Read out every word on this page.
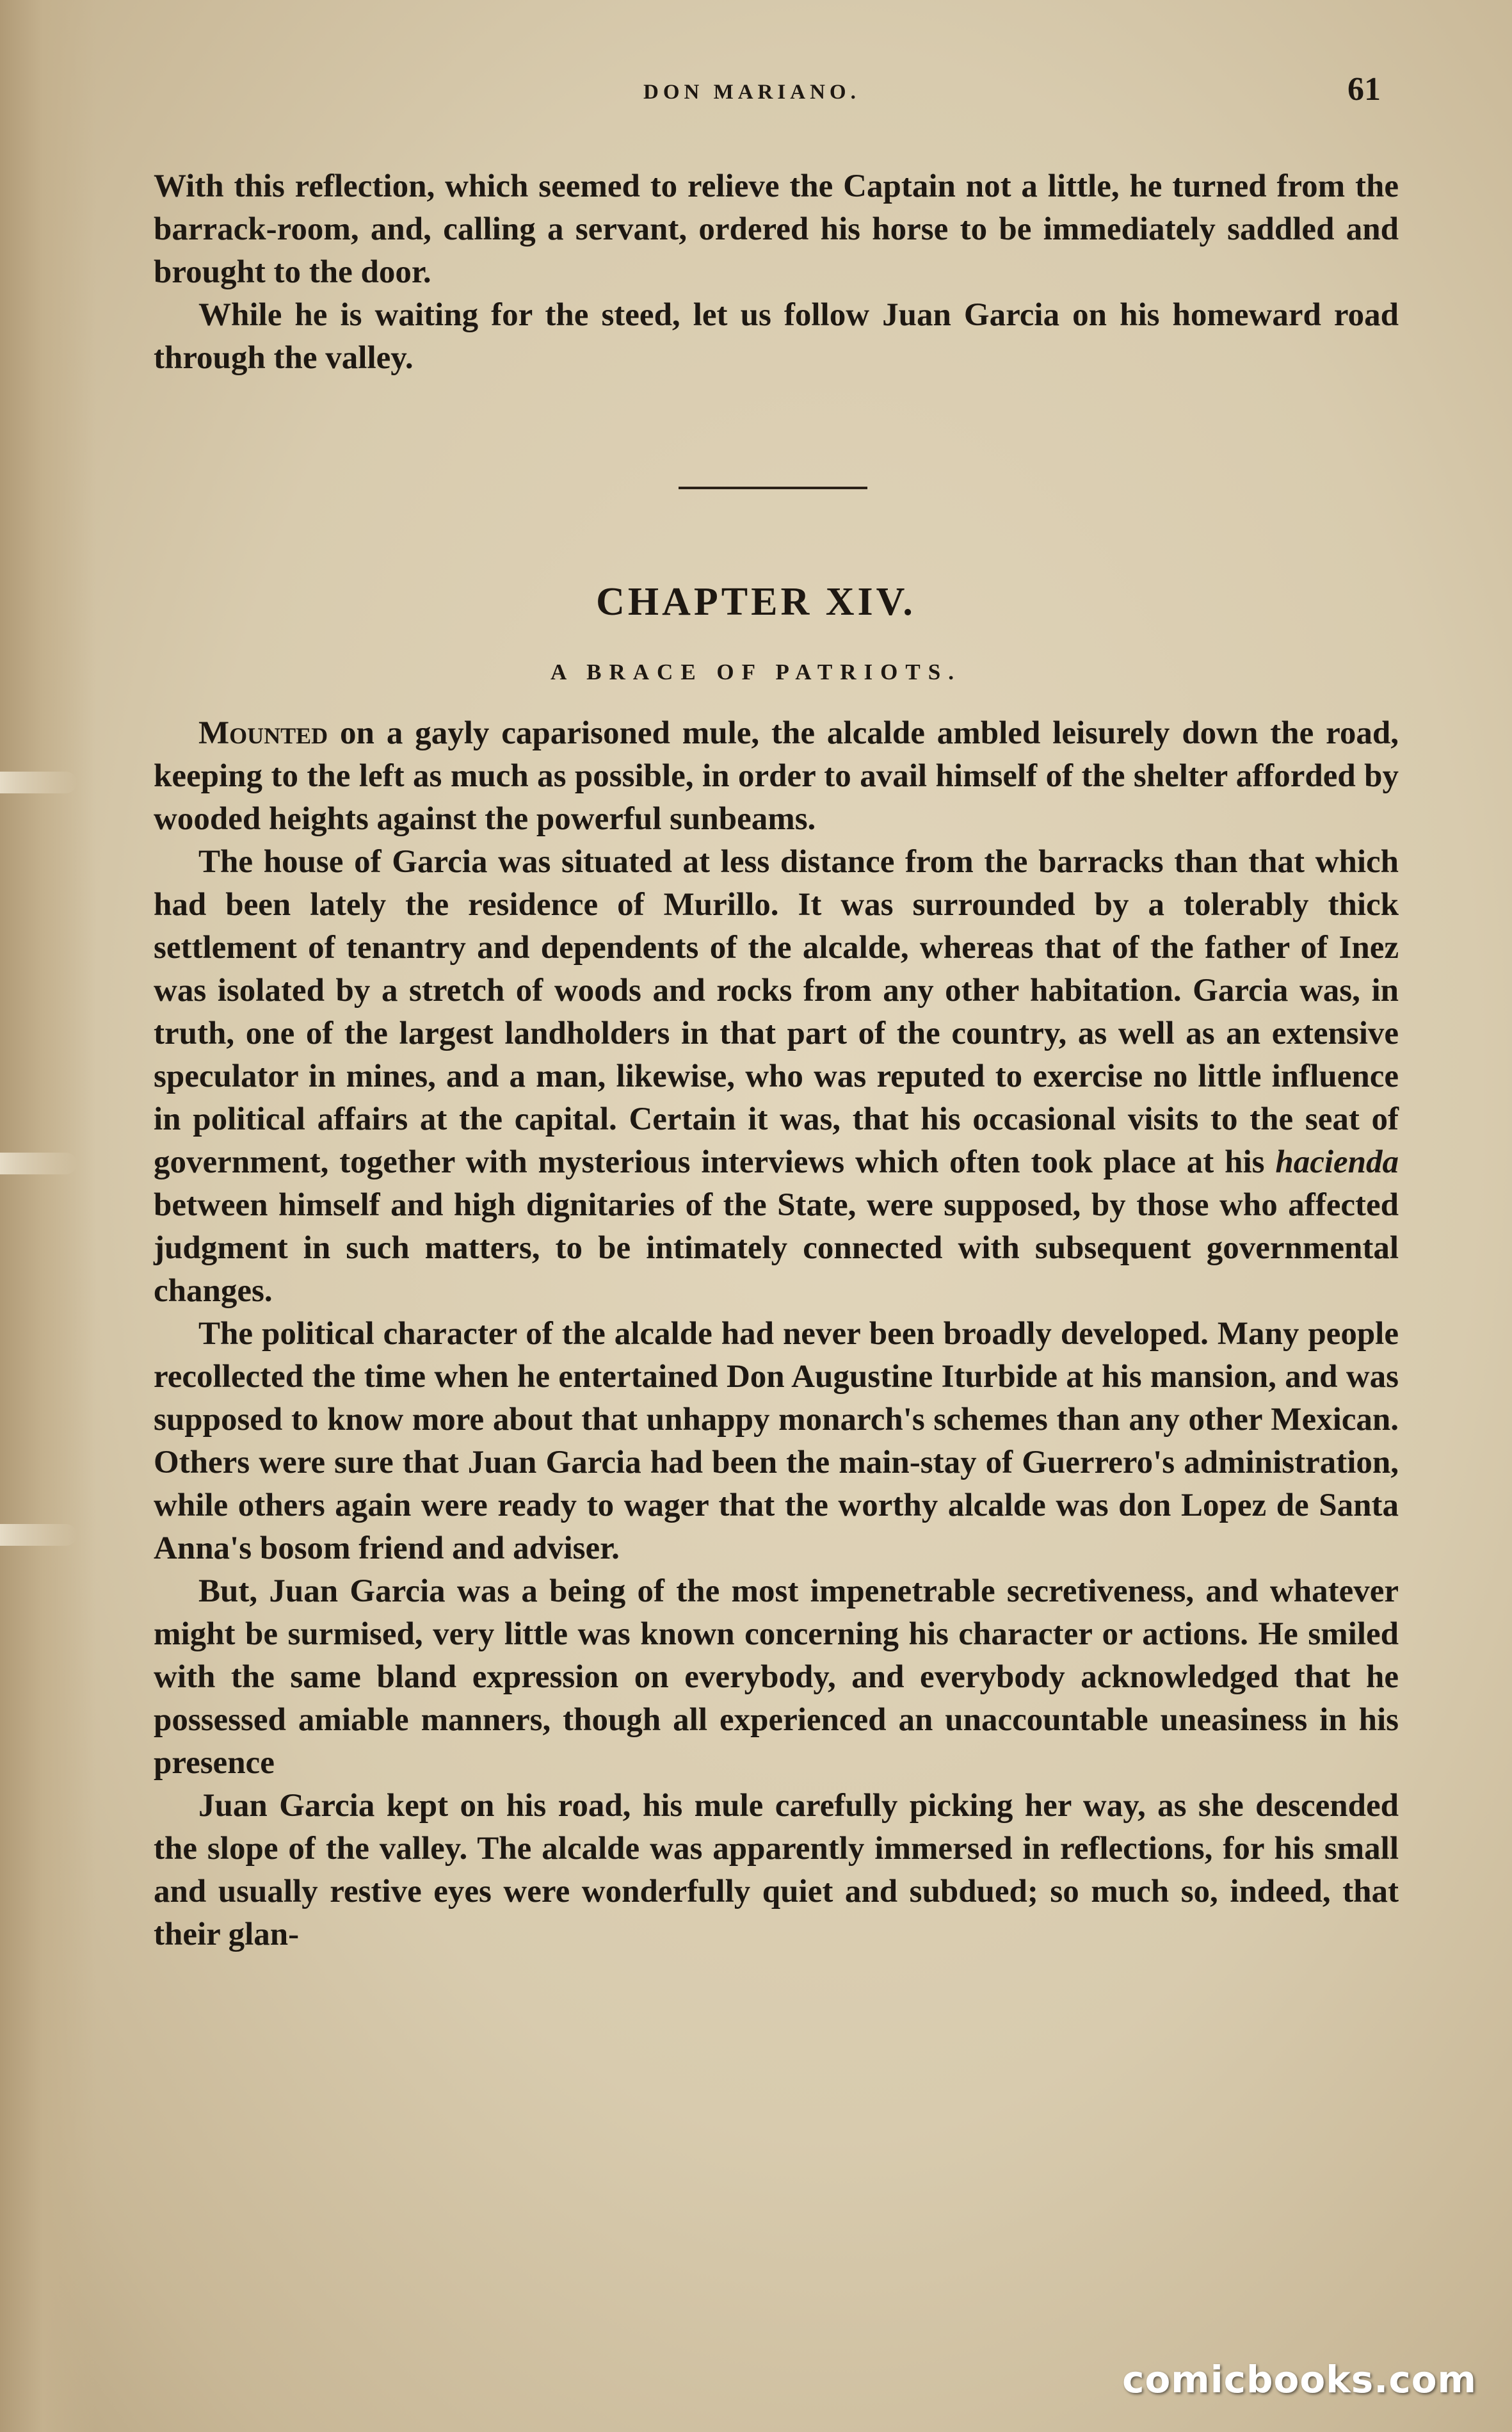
DON MARIANO.	61

With this reflection, which seemed to relieve the Captain not a little, he turned from the barrack-room, and, calling a servant, ordered his horse to be immediately saddled and brought to the door.

While he is waiting for the steed, let us follow Juan Garcia on his homeward road through the valley.

CHAPTER XIV.
A BRACE OF PATRIOTS.

Mounted on a gayly caparisoned mule, the alcalde ambled leisurely down the road, keeping to the left as much as possible, in order to avail himself of the shelter afforded by wooded heights against the powerful sunbeams.

The house of Garcia was situated at less distance from the barracks than that which had been lately the residence of Murillo. It was surrounded by a tolerably thick settlement of tenantry and dependents of the alcalde, whereas that of the father of Inez was isolated by a stretch of woods and rocks from any other habitation. Garcia was, in truth, one of the largest landholders in that part of the country, as well as an extensive speculator in mines, and a man, likewise, who was reputed to exercise no little influence in political affairs at the capital. Certain it was, that his occasional visits to the seat of government, together with mysterious interviews which often took place at his hacienda between himself and high dignitaries of the State, were supposed, by those who affected judgment in such matters, to be intimately connected with subsequent governmental changes.

The political character of the alcalde had never been broadly developed. Many people recollected the time when he entertained Don Augustine Iturbide at his mansion, and was supposed to know more about that unhappy monarch's schemes than any other Mexican. Others were sure that Juan Garcia had been the main-stay of Guerrero's administration, while others again were ready to wager that the worthy alcalde was don Lopez de Santa Anna's bosom friend and adviser.

But, Juan Garcia was a being of the most impenetrable secretiveness, and whatever might be surmised, very little was known concerning his character or actions. He smiled with the same bland expression on everybody, and everybody acknowledged that he possessed amiable manners, though all experienced an unaccountable uneasiness in his presence

Juan Garcia kept on his road, his mule carefully picking her way, as she descended the slope of the valley. The alcalde was apparently immersed in reflections, for his small and usually restive eyes were wonderfully quiet and subdued; so much so, indeed, that their glan-

comicbooks.com
